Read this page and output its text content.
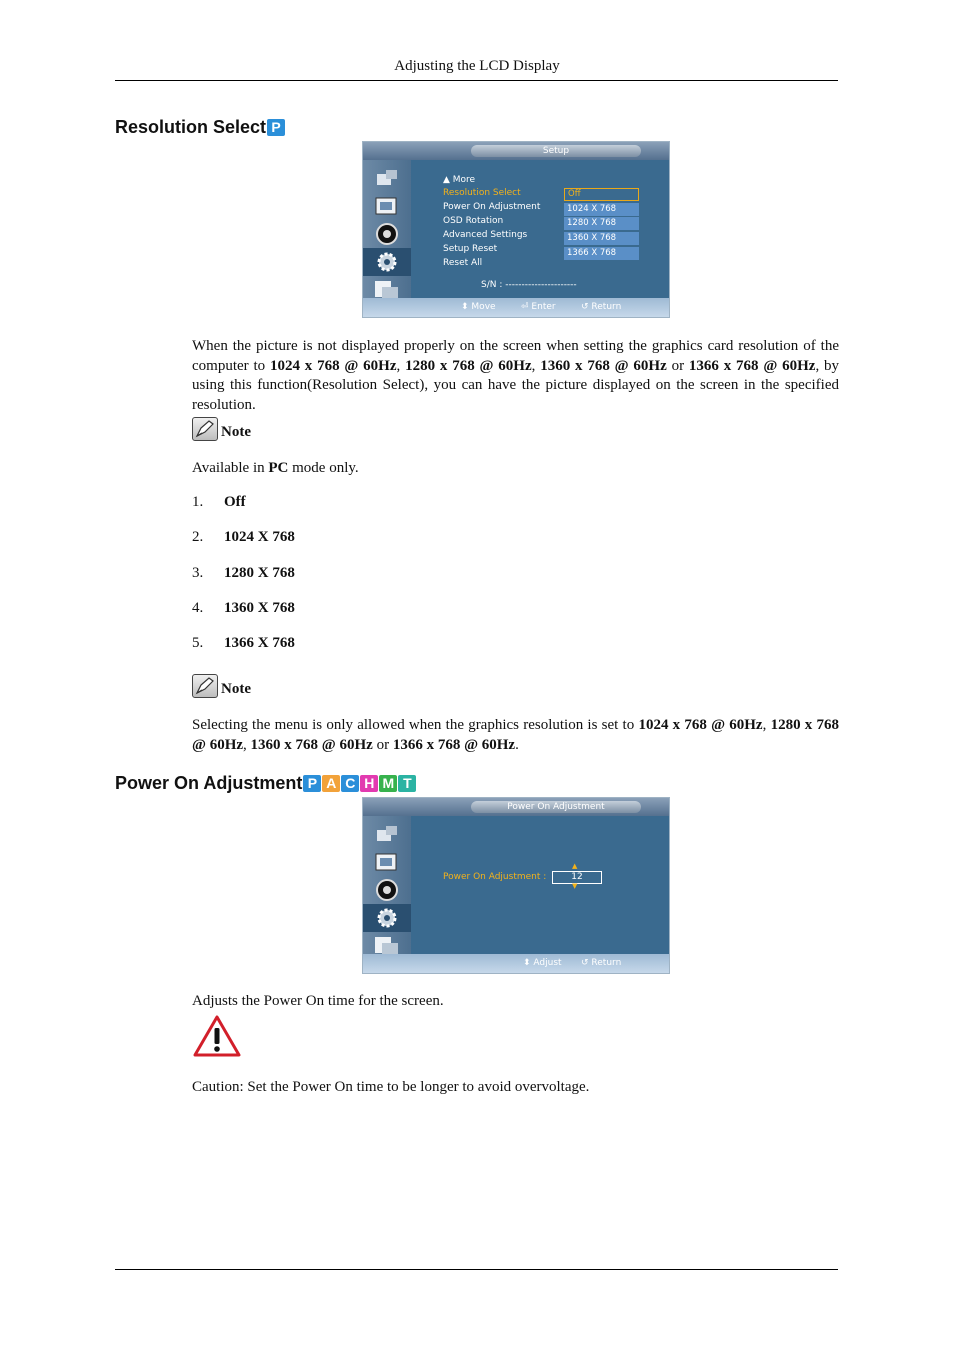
Adjusting the LCD Display
Resolution Select P
Setup
▲ More
Resolution Select
Power On Adjustment
OSD Rotation
Advanced Settings
Setup Reset
Reset All
S/N : ----------------------
Off
1024 X 768
1280 X 768
1360 X 768
1366 X 768
⬍ Move	⏎ Enter	↺ Return
When the picture is not displayed properly on the screen when setting the graphics card resolution of the computer to 1024 x 768 @ 60Hz, 1280 x 768 @ 60Hz, 1360 x 768 @ 60Hz or 1366 x 768 @ 60Hz, by using this function(Resolution Select), you can have the picture displayed on the screen in the specified resolution.
Note
Available in PC mode only.
1. Off
2. 1024 X 768
3. 1280 X 768
4. 1360 X 768
5. 1366 X 768
Note
Selecting the menu is only allowed when the graphics resolution is set to 1024 x 768 @ 60Hz, 1280 x 768 @ 60Hz, 1360 x 768 @ 60Hz or 1366 x 768 @ 60Hz.
Power On Adjustment P A C H M T
Power On Adjustment
Power On Adjustment :	12
▲
▼
⬍ Adjust ↺ Return
Adjusts the Power On time for the screen.
Caution: Set the Power On time to be longer to avoid overvoltage.
